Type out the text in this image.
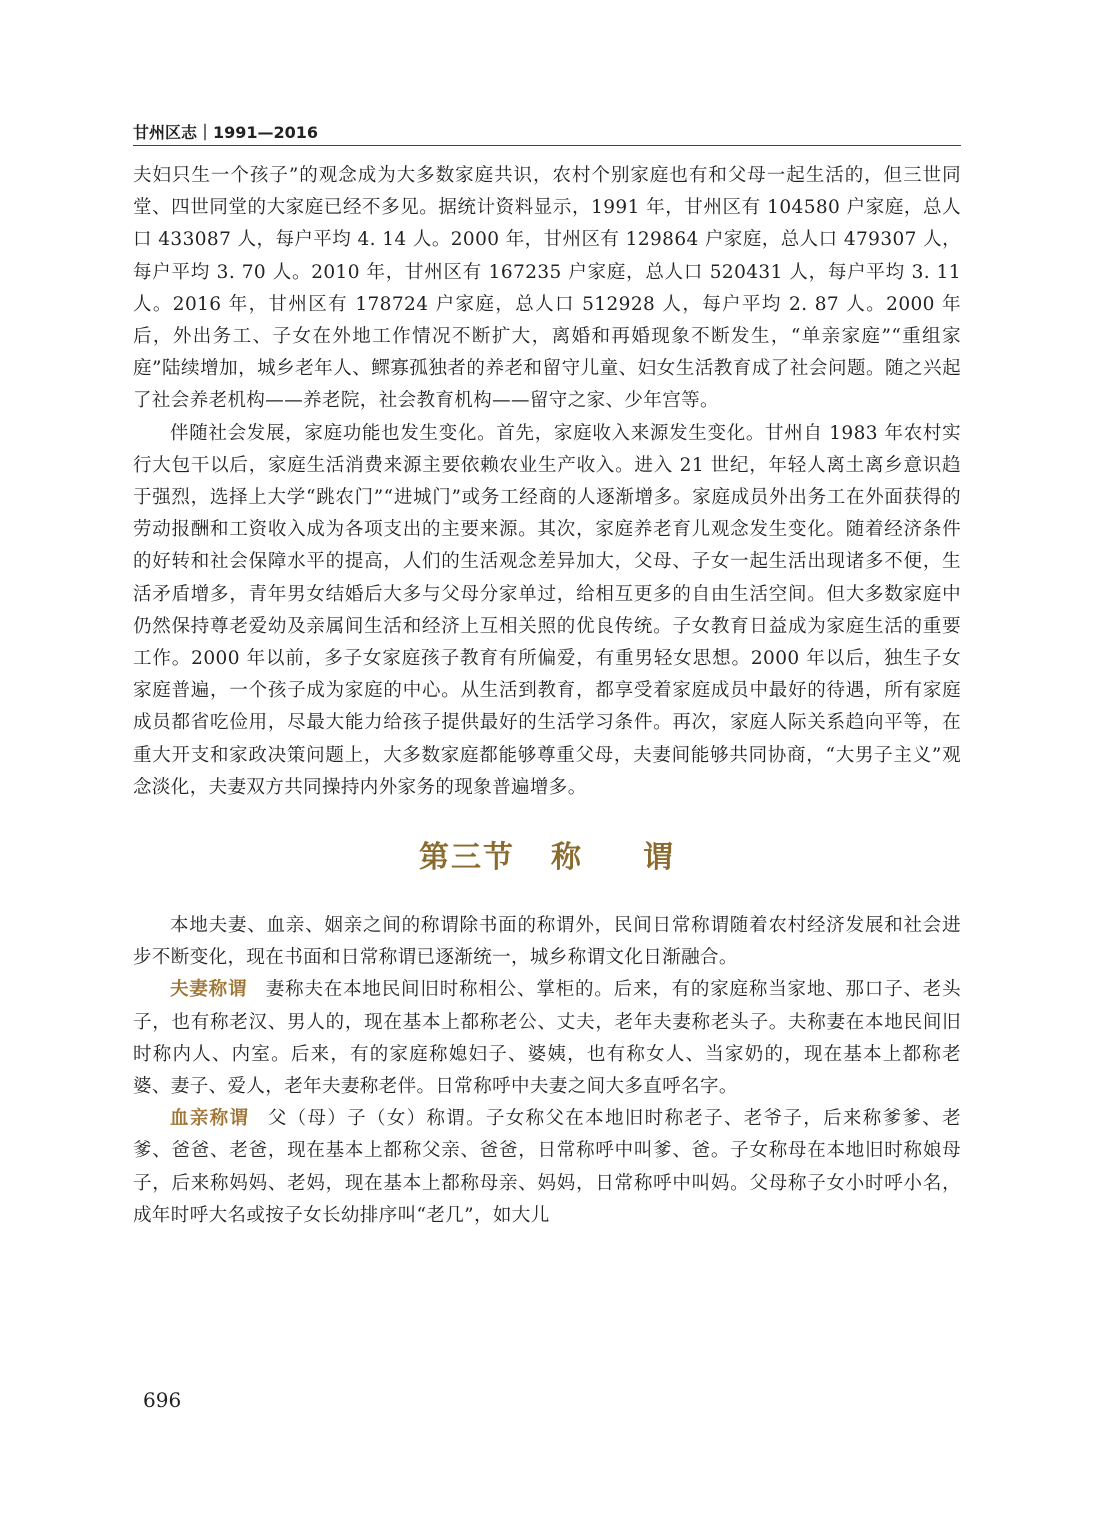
甘州区志｜1991—2016

夫妇只生一个孩子”的观念成为大多数家庭共识，农村个别家庭也有和父母一起生活的，但三世同堂、四世同堂的大家庭已经不多见。据统计资料显示，1991 年，甘州区有 104580 户家庭，总人口 433087 人，每户平均 4. 14 人。2000 年，甘州区有 129864 户家庭，总人口 479307 人，每户平均 3. 70 人。2010 年，甘州区有 167235 户家庭，总人口 520431 人，每户平均 3. 11 人。2016 年，甘州区有 178724 户家庭，总人口 512928 人，每户平均 2. 87 人。2000 年后，外出务工、子女在外地工作情况不断扩大，离婚和再婚现象不断发生，“单亲家庭”“重组家庭”陆续增加，城乡老年人、鳏寡孤独者的养老和留守儿童、妇女生活教育成了社会问题。随之兴起了社会养老机构——养老院，社会教育机构——留守之家、少年宫等。

伴随社会发展，家庭功能也发生变化。首先，家庭收入来源发生变化。甘州自 1983 年农村实行大包干以后，家庭生活消费来源主要依赖农业生产收入。进入 21 世纪，年轻人离土离乡意识趋于强烈，选择上大学“跳农门”“进城门”或务工经商的人逐渐增多。家庭成员外出务工在外面获得的劳动报酬和工资收入成为各项支出的主要来源。其次，家庭养老育儿观念发生变化。随着经济条件的好转和社会保障水平的提高，人们的生活观念差异加大，父母、子女一起生活出现诸多不便，生活矛盾增多，青年男女结婚后大多与父母分家单过，给相互更多的自由生活空间。但大多数家庭中仍然保持尊老爱幼及亲属间生活和经济上互相关照的优良传统。子女教育日益成为家庭生活的重要工作。2000 年以前，多子女家庭孩子教育有所偏爱，有重男轻女思想。2000 年以后，独生子女家庭普遍，一个孩子成为家庭的中心。从生活到教育，都享受着家庭成员中最好的待遇，所有家庭成员都省吃俭用，尽最大能力给孩子提供最好的生活学习条件。再次，家庭人际关系趋向平等，在重大开支和家政决策问题上，大多数家庭都能够尊重父母，夫妻间能够共同协商，“大男子主义”观念淡化，夫妻双方共同操持内外家务的现象普遍增多。

第三节 称 谓

本地夫妻、血亲、姻亲之间的称谓除书面的称谓外，民间日常称谓随着农村经济发展和社会进步不断变化，现在书面和日常称谓已逐渐统一，城乡称谓文化日渐融合。

夫妻称谓 妻称夫在本地民间旧时称相公、掌柜的。后来，有的家庭称当家地、那口子、老头子，也有称老汉、男人的，现在基本上都称老公、丈夫，老年夫妻称老头子。夫称妻在本地民间旧时称内人、内室。后来，有的家庭称媳妇子、婆姨，也有称女人、当家奶的，现在基本上都称老婆、妻子、爱人，老年夫妻称老伴。日常称呼中夫妻之间大多直呼名字。

血亲称谓 父（母）子（女）称谓。子女称父在本地旧时称老子、老爷子，后来称爹爹、老爹、爸爸、老爸，现在基本上都称父亲、爸爸，日常称呼中叫爹、爸。子女称母在本地旧时称娘母子，后来称妈妈、老妈，现在基本上都称母亲、妈妈，日常称呼中叫妈。父母称子女小时呼小名，成年时呼大名或按子女长幼排序叫“老几”，如大儿

696
